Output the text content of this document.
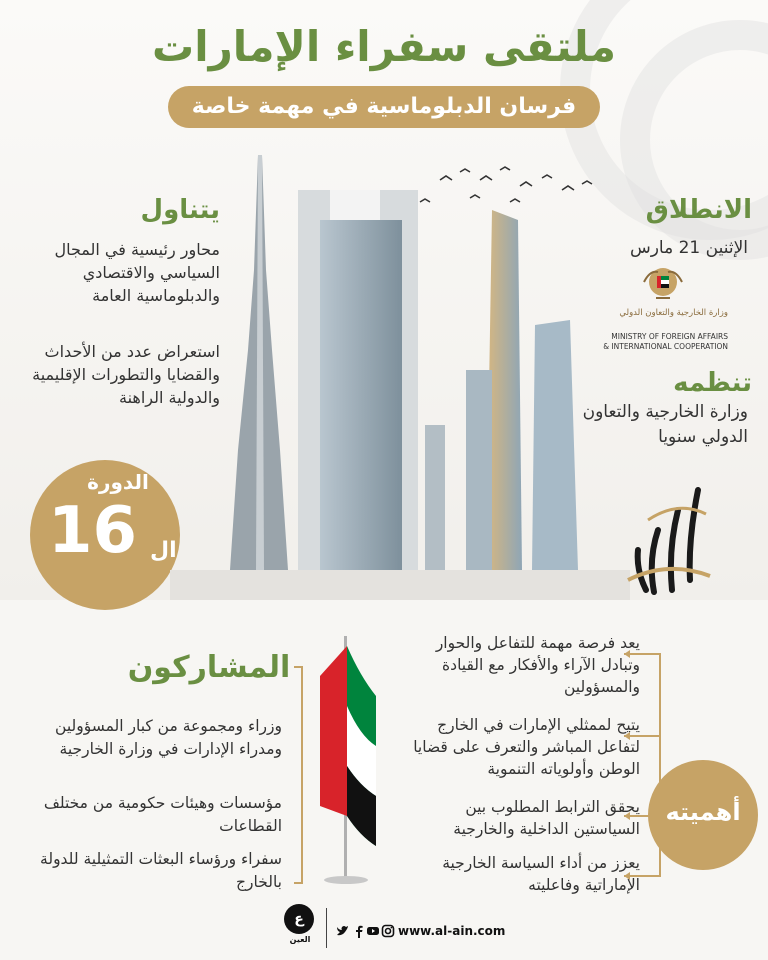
ملتقى سفراء الإمارات
فرسان الدبلوماسية في مهمة خاصة
الانطلاق
الإثنين 21 مارس
وزارة الخارجية والتعاون الدولي
MINISTRY OF FOREIGN AFFAIRS
& INTERNATIONAL COOPERATION
تنظمه
وزارة الخارجية والتعاون الدولي سنويا
يتناول
محاور رئيسية في المجال السياسي والاقتصادي والدبلوماسية العامة
استعراض عدد من الأحداث والقضايا والتطورات الإقليمية والدولية الراهنة
الدورة
16 ال
المشاركون
وزراء ومجموعة من كبار المسؤولين ومدراء الإدارات في وزارة الخارجية
مؤسسات وهيئات حكومية من مختلف القطاعات
سفراء ورؤساء البعثات التمثيلية للدولة بالخارج
أهميته
يعد فرصة مهمة للتفاعل والحوار وتبادل الآراء والأفكار مع القيادة والمسؤولين
يتيح لممثلي الإمارات في الخارج لتفاعل المباشر والتعرف على قضايا الوطن وأولوياته التنموية
يحقق الترابط المطلوب بين السياستين الداخلية والخارجية
يعزز من أداء السياسة الخارجية الإماراتية وفاعليته
ع
العين
www.al-ain.com
